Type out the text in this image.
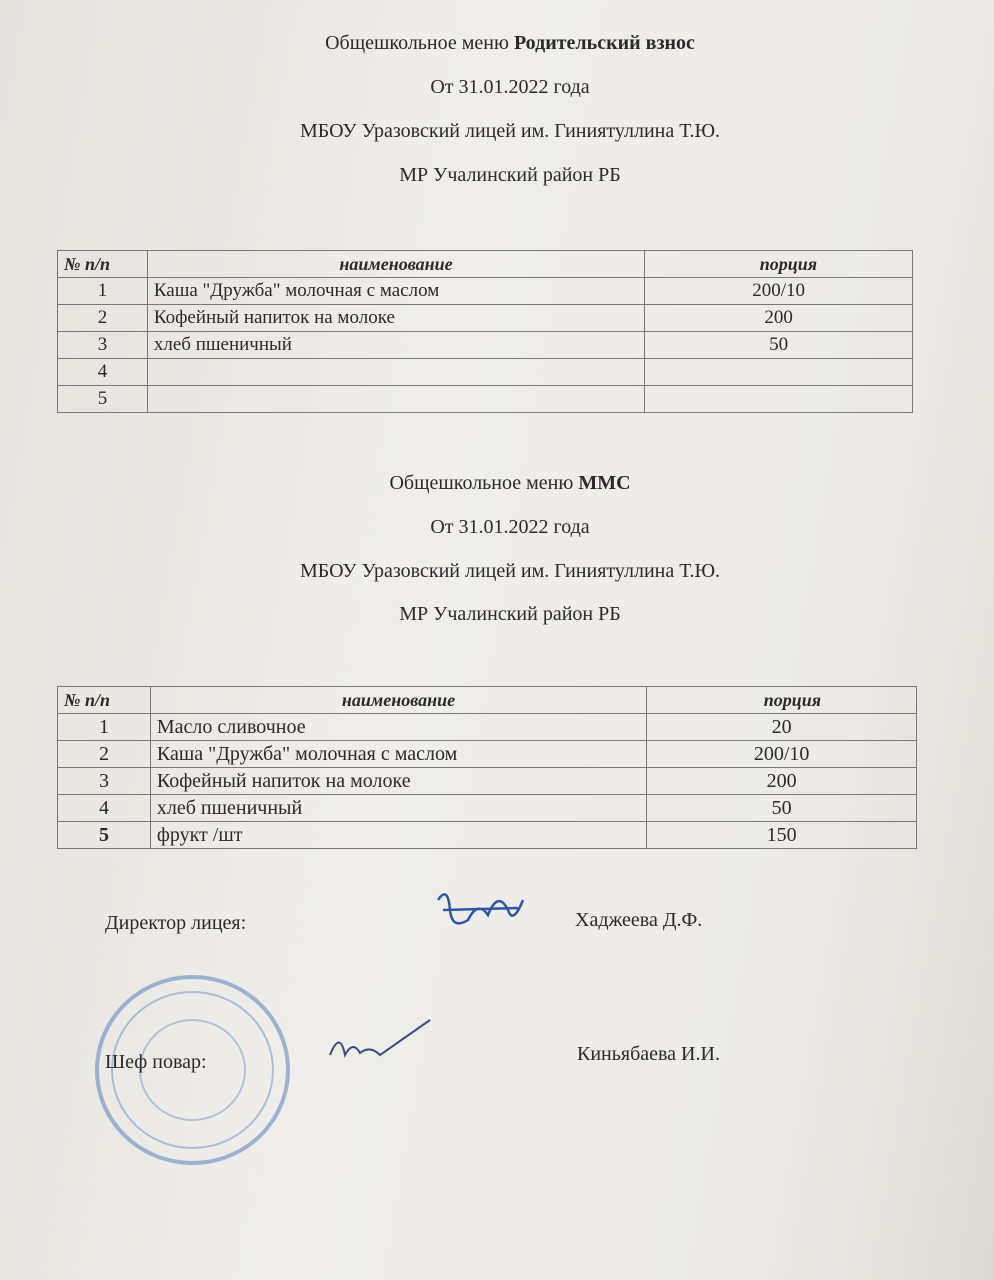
Общешкольное меню Родительский взнос
От 31.01.2022 года
МБОУ Уразовский лицей им. Гиниятуллина Т.Ю.
МР Учалинский район РБ
№ п/п	наименование	порция
1	Каша "Дружба" молочная с маслом	200/10
2	Кофейный напиток на молоке	200
3	хлеб пшеничный	50
4		
5		
Общешкольное меню ММС
От 31.01.2022 года
МБОУ Уразовский лицей им. Гиниятуллина Т.Ю.
МР Учалинский район РБ
№ п/п	наименование	порция
1	Масло сливочное	20
2	Каша "Дружба" молочная с маслом	200/10
3	Кофейный напиток на молоке	200
4	хлеб пшеничный	50
5	фрукт /шт	150
Директор лицея:	Хаджеева Д.Ф.
Шеф повар:	Киньябаева И.И.
